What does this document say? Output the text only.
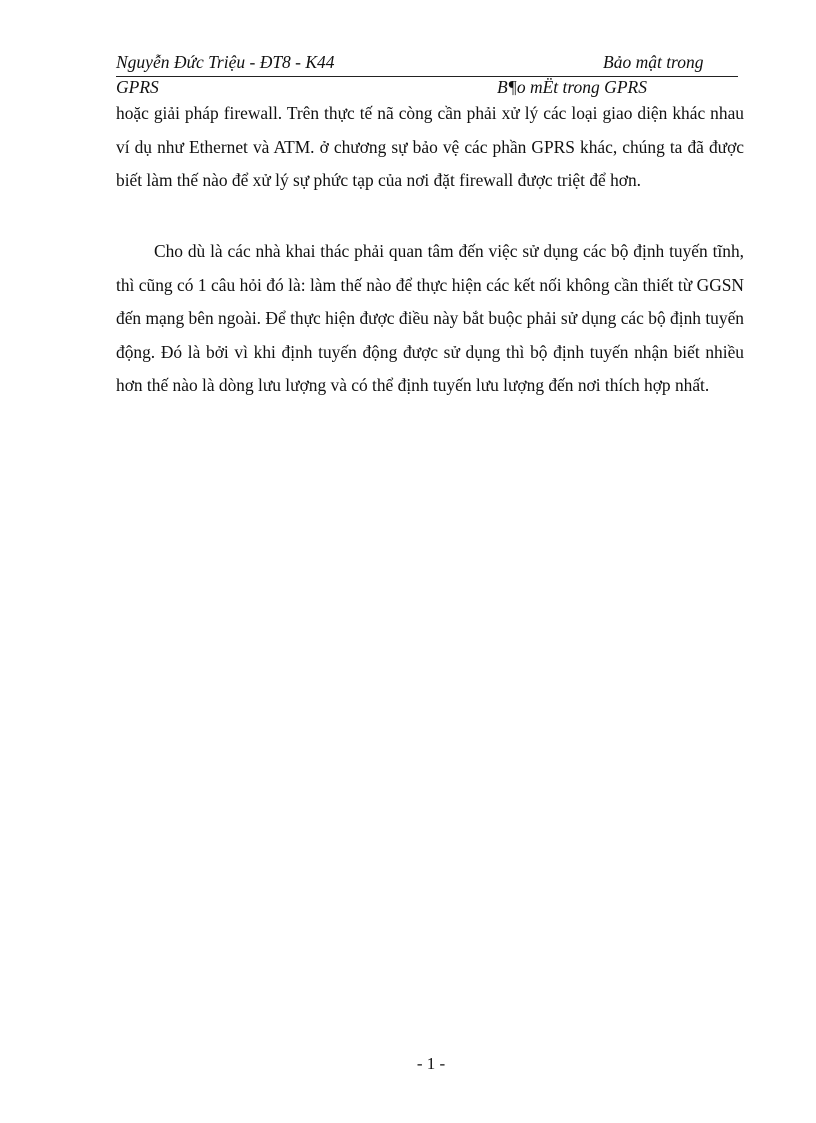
Nguyễn Đức Triệu - ĐT8 - K44	Bảo mật trong
GPRS	B¶o mËt trong GPRS

hoặc giải pháp firewall. Trên thực tế nã còng cần phải xử lý các loại giao diện khác nhau ví dụ như Ethernet và ATM. ở chương sự bảo vệ các phần GPRS khác, chúng ta đã được biết làm thế nào để xử lý sự phức tạp của nơi đặt firewall được triệt để hơn.

Cho dù là các nhà khai thác phải quan tâm đến việc sử dụng các bộ định tuyến tĩnh, thì cũng có 1 câu hỏi đó là: làm thế nào để thực hiện các kết nối không cần thiết từ GGSN đến mạng bên ngoài. Để thực hiện được điều này bắt buộc phải sử dụng các bộ định tuyến động. Đó là bởi vì khi định tuyến động được sử dụng thì bộ định tuyến nhận biết nhiều hơn thế nào là dòng lưu lượng và có thể định tuyến lưu lượng đến nơi thích hợp nhất.

- 1 -
